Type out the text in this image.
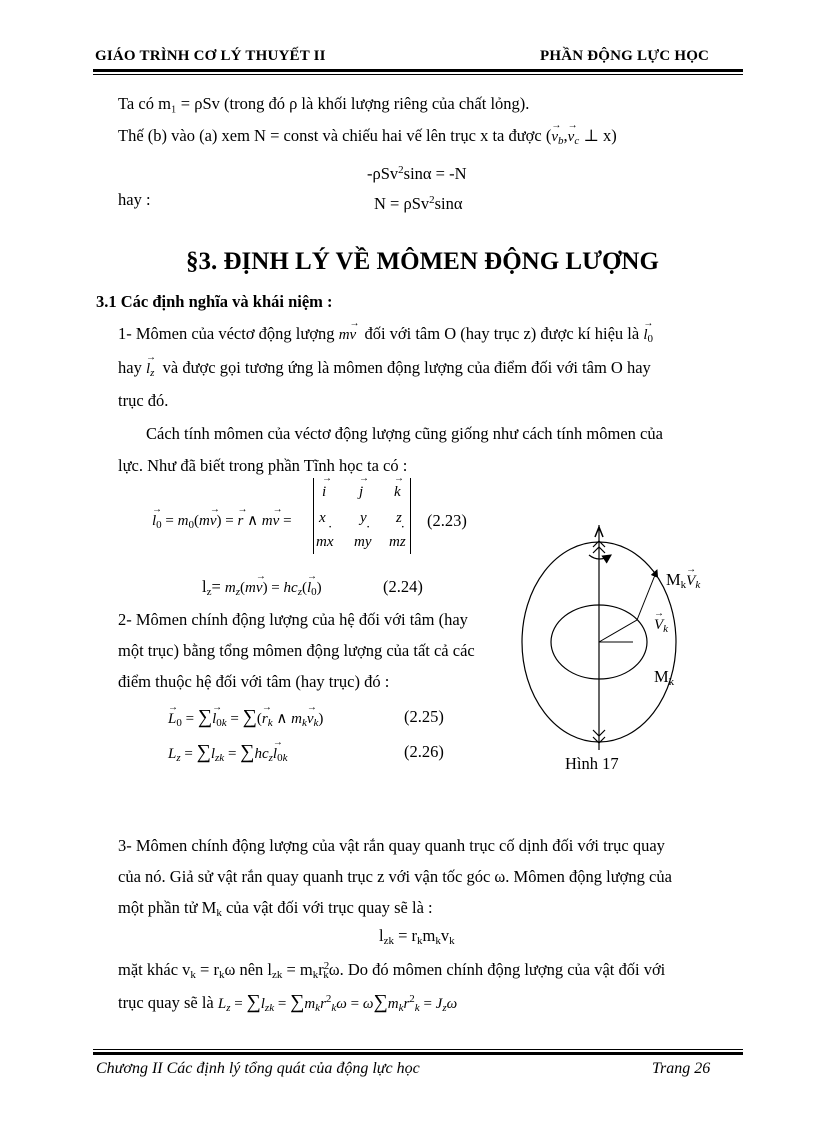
GIÁO TRÌNH CƠ LÝ THUYẾT II	PHẦN ĐỘNG LỰC HỌC
Ta có m₁ = ρSv (trong đó ρ là khối lượng riêng của chất lỏng).
Thế (b) vào (a) xem N = const và chiếu hai vế lên trục x ta được (→ $v_b,\to v_c$ ⊥ x)
-ρSv$^2$sinα = -N
hay :	N = ρSv$^2$sinα
§3. ĐỊNH LÝ VỀ MÔMEN ĐỘNG LƯỢNG
3.1 Các định nghĩa và khái niệm :
1- Mômen của véctơ động lượng m→ v đối với tâm O (hay trục z) được kí hiệu là → $l_0$
hay → $l_z$ và được gọi tương ứng là mômen động lượng của điểm đối với tâm O hay
trục đó.
Cách tính mômen của véctơ động lượng cũng giống như cách tính mômen của
lực. Như đã biết trong phần Tĩnh học ta có :
→ $l_0 = m_0(m\to v)$ = → r ∧ m→ v =
→ i → j → k
x y z
m˙ x m˙ y m˙ z
(2.23)
$l_z= m_z(m\to v) = hc_z(\to l_0)$	(2.24)
2- Mômen chính động lượng của hệ đối với tâm (hay
một trục) bằng tổng mômen động lượng của tất cả các
điểm thuộc hệ đối với tâm (hay trục) đó :
→ $L_0$ = ∑→ $l_{0k}$ = ∑(→ $r_k$ ∧ $m_k\to v_k$)	(2.25)
$L_z = \sum l_{zk} = \sum hc_z\to l_{0k}$	(2.26)
$M_k\to V_k$
→ $V_k$
$M_k$
Hình 17
3- Mômen chính động lượng của vật rắn quay quanh trục cố dịnh đối với trục quay
của nó. Giả sử vật rắn quay quanh trục z với vận tốc góc ω. Mômen động lượng của
một phần tử $M_k$ của vật đối với trục quay sẽ là :
$l_{zk} = r_km_kv_k$
mặt khác $v_k = r_k\omega$ nên $l_{zk} = m_kr^2_k\omega$. Do đó mômen chính động lượng của vật đối với
trục quay sẽ là $L_z = \sum l_{zk} = \sum m_kr^2_k\omega = \omega\sum m_kr^2_k = J_z\omega$
Chương II Các định lý tổng quát của động lực học	Trang 26
